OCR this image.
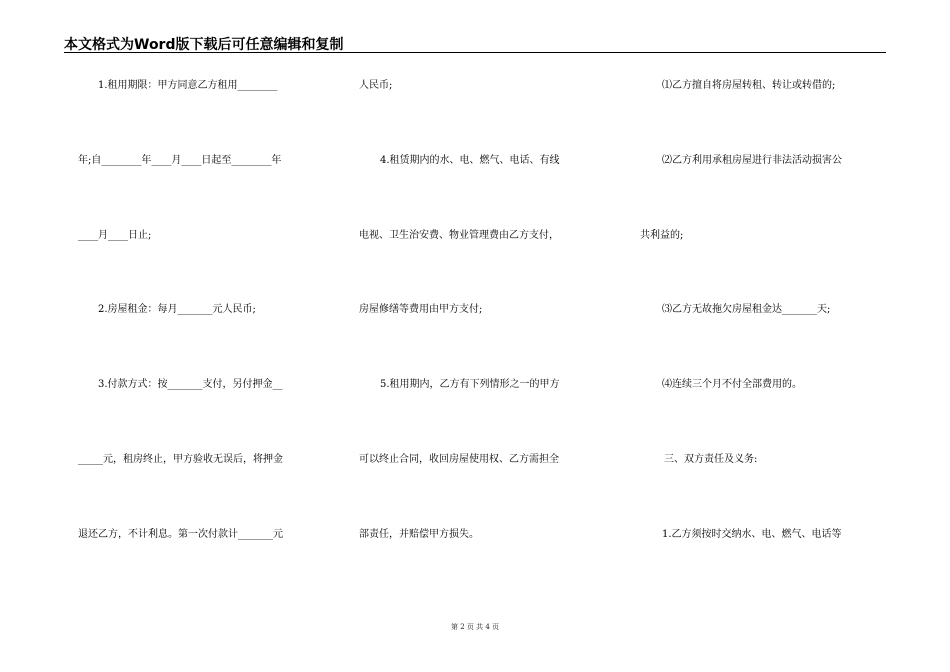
本文格式为Word版下载后可任意编辑和复制
1.租用期限：甲方同意乙方租用________
年;自________年____月____日起至________年
____月____日止;
2.房屋租金：每月_______元人民币;
3.付款方式：按_______支付，另付押金__
_____元，租房终止，甲方验收无误后，将押金
退还乙方，不计利息。第一次付款计_______元
人民币;
4.租赁期内的水、电、燃气、电话、有线
电视、卫生治安费、物业管理费由乙方支付，
房屋修缮等费用由甲方支付;
5.租用期内，乙方有下列情形之一的甲方
可以终止合同，收回房屋使用权、乙方需担全
部责任，并赔偿甲方损失。
⑴乙方擅自将房屋转租、转让或转借的;
⑵乙方利用承租房屋进行非法活动损害公
共利益的;
⑶乙方无故拖欠房屋租金达_______天;
⑷连续三个月不付全部费用的。
三、双方责任及义务:
1.乙方须按时交纳水、电、燃气、电话等
第 2 页 共 4 页
